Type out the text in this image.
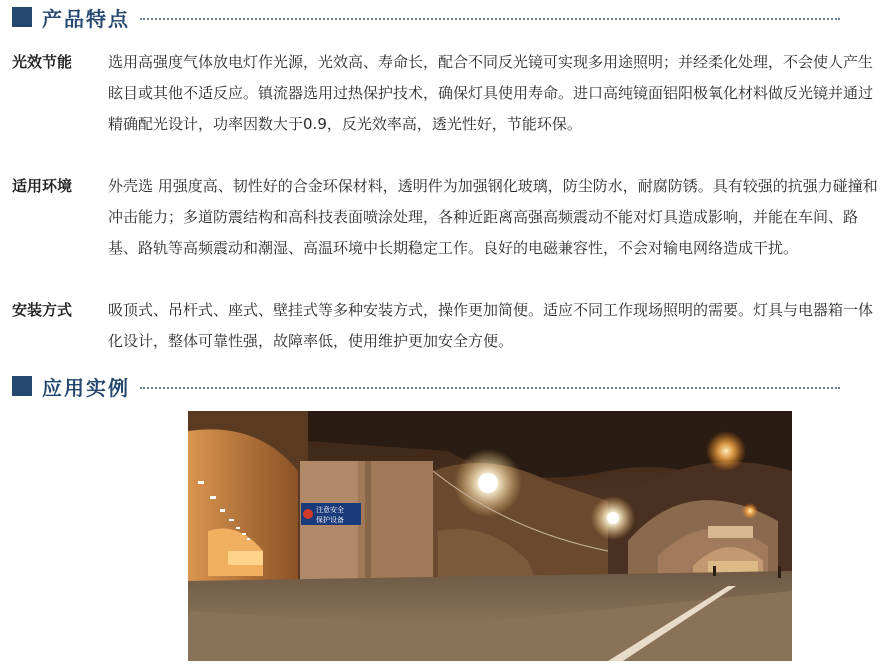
产品特点
光效节能	选用高强度气体放电灯作光源，光效高、寿命长，配合不同反光镜可实现多用途照明；并经柔化处理，不会使人产生眩目或其他不适反应。镇流器选用过热保护技术，确保灯具使用寿命。进口高纯镜面铝阳极氧化材料做反光镜并通过精确配光设计，功率因数大于0.9，反光效率高，透光性好，节能环保。
适用环境	外壳选 用强度高、韧性好的合金环保材料，透明件为加强钢化玻璃，防尘防水，耐腐防锈。具有较强的抗强力碰撞和冲击能力；多道防震结构和高科技表面喷涂处理，各种近距离高强高频震动不能对灯具造成影响，并能在车间、路基、路轨等高频震动和潮湿、高温环境中长期稳定工作。良好的电磁兼容性，不会对输电网络造成干扰。
安装方式	吸顶式、吊杆式、座式、壁挂式等多种安装方式，操作更加简便。适应不同工作现场照明的需要。灯具与电器箱一体化设计，整体可靠性强，故障率低，使用维护更加安全方便。
应用实例
注意安全
保护设备
